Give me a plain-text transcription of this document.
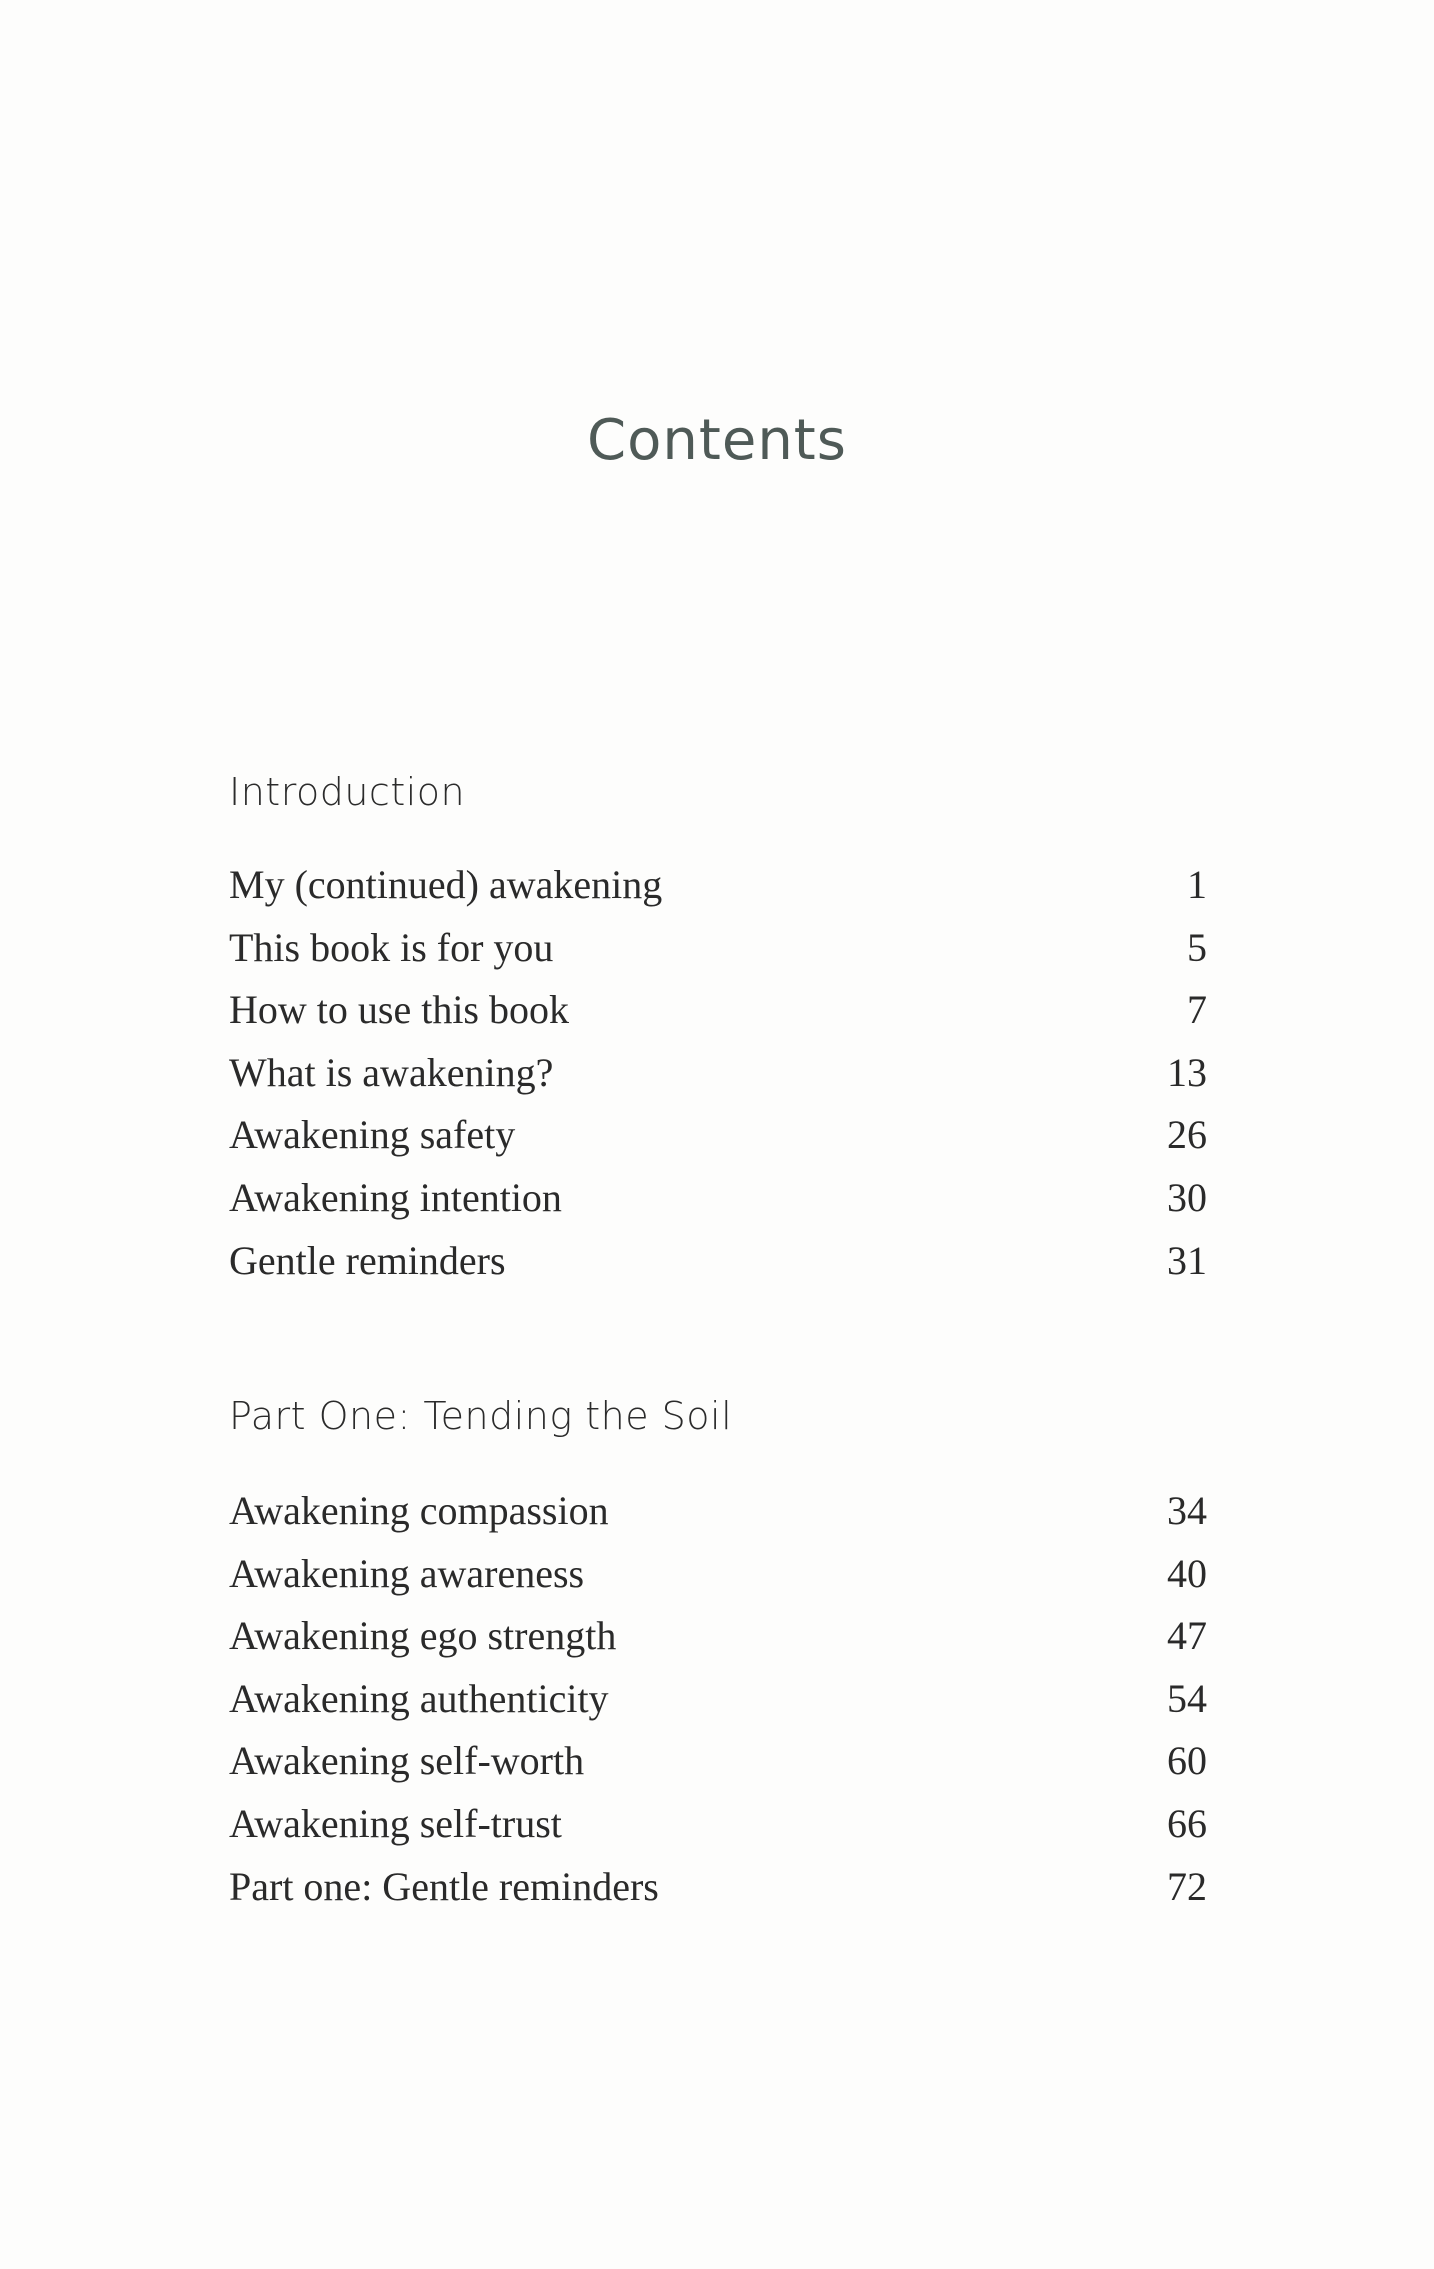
Contents
Introduction
My (continued) awakening	1
This book is for you	5
How to use this book	7
What is awakening?	13
Awakening safety	26
Awakening intention	30
Gentle reminders	31
Part One: Tending the Soil
Awakening compassion	34
Awakening awareness	40
Awakening ego strength	47
Awakening authenticity	54
Awakening self-worth	60
Awakening self-trust	66
Part one: Gentle reminders	72
